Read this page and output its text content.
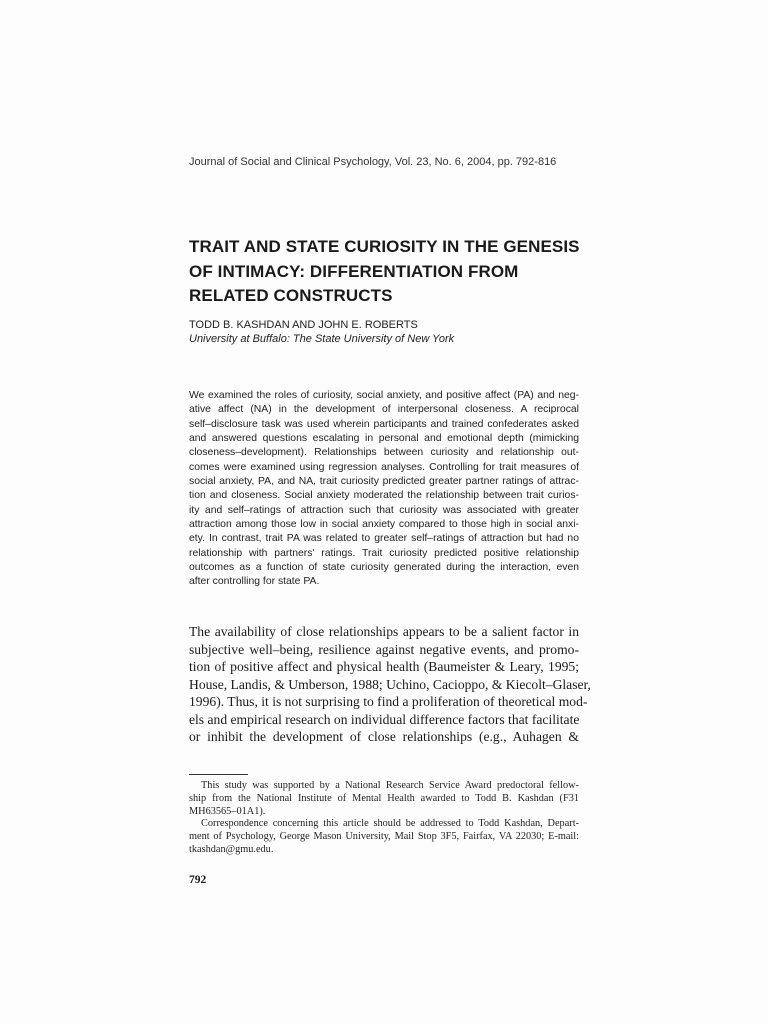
Journal of Social and Clinical Psychology, Vol. 23, No. 6, 2004, pp. 792-816
TRAIT AND STATE CURIOSITY IN THE GENESIS
OF INTIMACY: DIFFERENTIATION FROM
RELATED CONSTRUCTS
TODD B. KASHDAN AND JOHN E. ROBERTS
University at Buffalo: The State University of New York
We examined the roles of curiosity, social anxiety, and positive affect (PA) and neg-
ative affect (NA) in the development of interpersonal closeness. A reciprocal
self–disclosure task was used wherein participants and trained confederates asked
and answered questions escalating in personal and emotional depth (mimicking
closeness–development). Relationships between curiosity and relationship out-
comes were examined using regression analyses. Controlling for trait measures of
social anxiety, PA, and NA, trait curiosity predicted greater partner ratings of attrac-
tion and closeness. Social anxiety moderated the relationship between trait curios-
ity and self–ratings of attraction such that curiosity was associated with greater
attraction among those low in social anxiety compared to those high in social anxi-
ety. In contrast, trait PA was related to greater self–ratings of attraction but had no
relationship with partners' ratings. Trait curiosity predicted positive relationship
outcomes as a function of state curiosity generated during the interaction, even
after controlling for state PA.
The availability of close relationships appears to be a salient factor in
subjective well–being, resilience against negative events, and promo-
tion of positive affect and physical health (Baumeister & Leary, 1995;
House, Landis, & Umberson, 1988; Uchino, Cacioppo, & Kiecolt–Glaser,
1996). Thus, it is not surprising to find a proliferation of theoretical mod-
els and empirical research on individual difference factors that facilitate
or inhibit the development of close relationships (e.g., Auhagen &
This study was supported by a National Research Service Award predoctoral fellow-
ship from the National Institute of Mental Health awarded to Todd B. Kashdan (F31
MH63565–01A1).
Correspondence concerning this article should be addressed to Todd Kashdan, Depart-
ment of Psychology, George Mason University, Mail Stop 3F5, Fairfax, VA 22030; E-mail:
tkashdan@gmu.edu.
792
